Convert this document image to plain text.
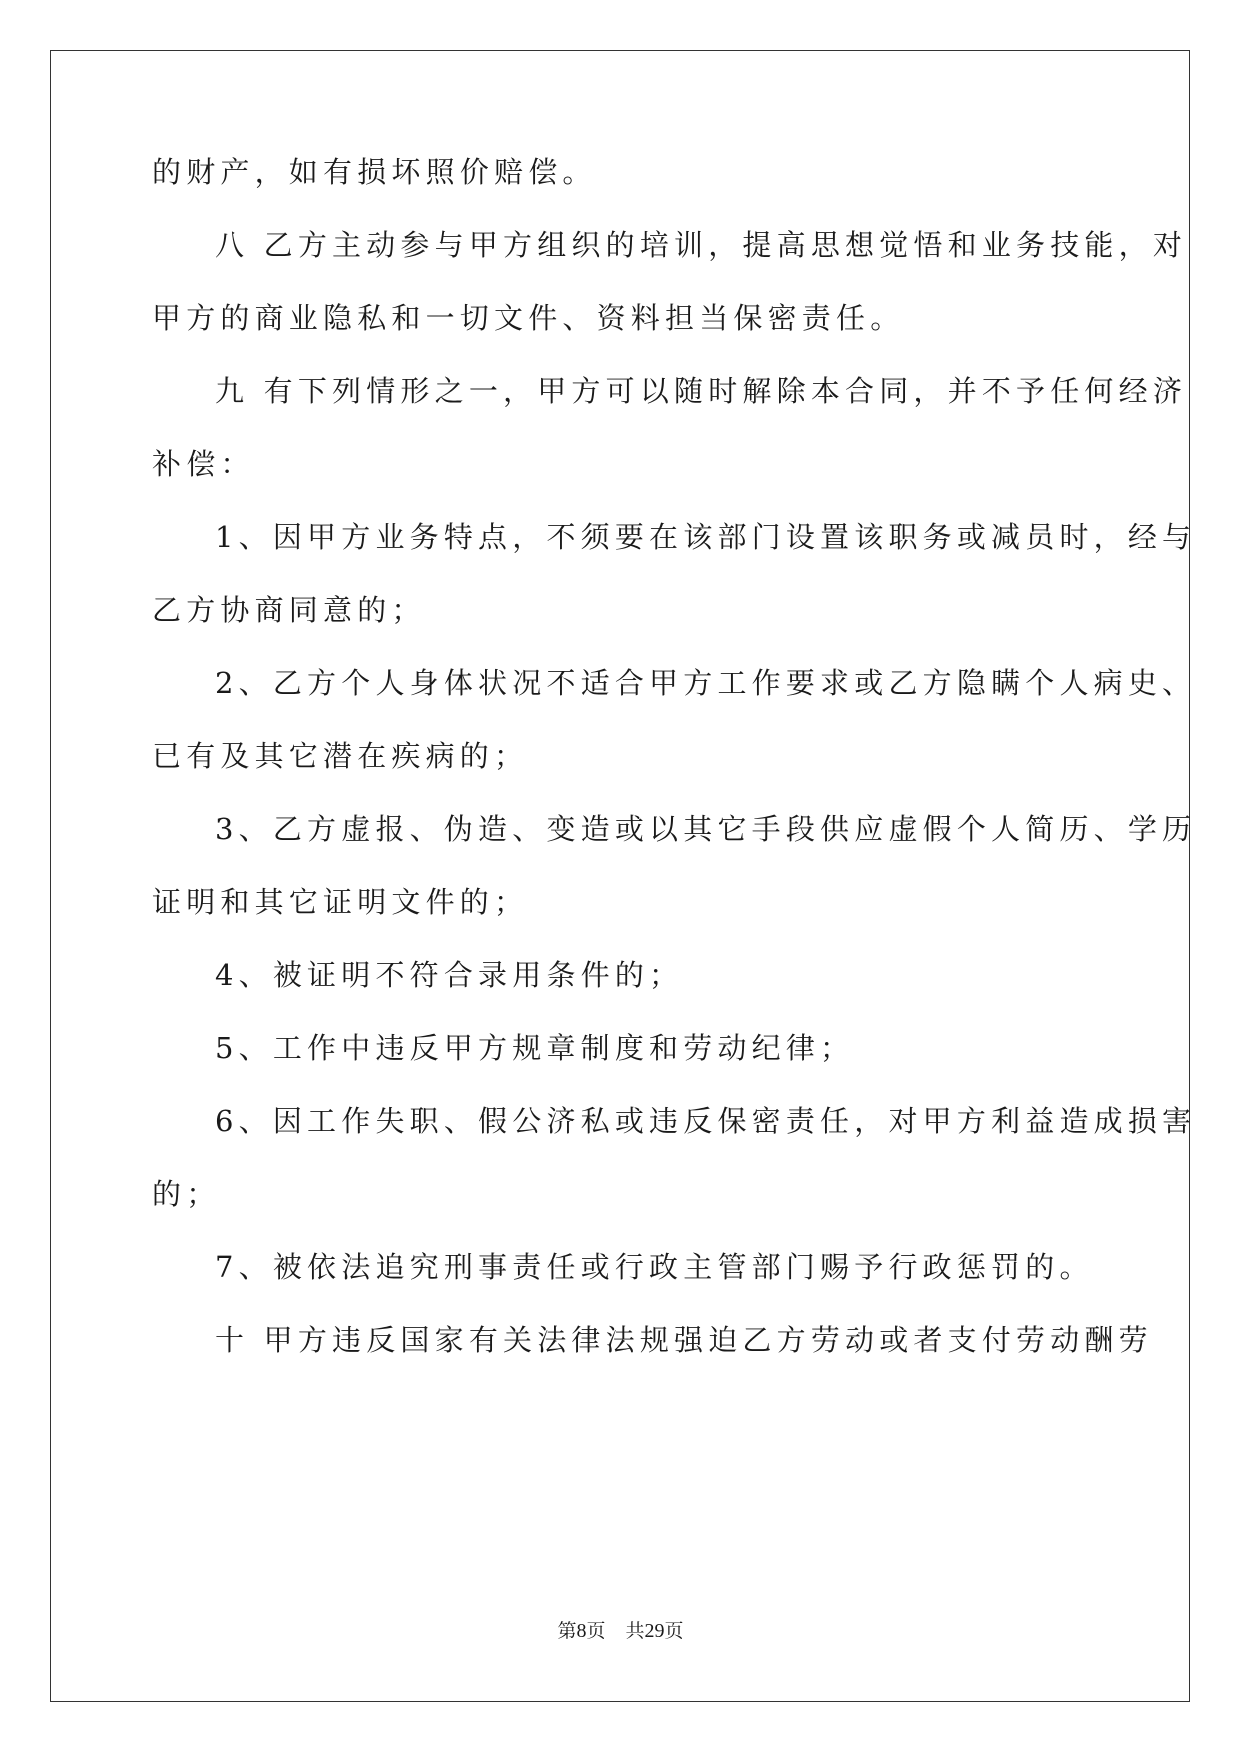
的财产，如有损坏照价赔偿。
八 乙方主动参与甲方组织的培训，提高思想觉悟和业务技能，对
甲方的商业隐私和一切文件、资料担当保密责任。
九 有下列情形之一，甲方可以随时解除本合同，并不予任何经济
补偿：
1、因甲方业务特点，不须要在该部门设置该职务或减员时，经与
乙方协商同意的；
2、乙方个人身体状况不适合甲方工作要求或乙方隐瞒个人病史、
已有及其它潜在疾病的；
3、乙方虚报、伪造、变造或以其它手段供应虚假个人简历、学历
证明和其它证明文件的；
4、被证明不符合录用条件的；
5、工作中违反甲方规章制度和劳动纪律；
6、因工作失职、假公济私或违反保密责任，对甲方利益造成损害
的；
7、被依法追究刑事责任或行政主管部门赐予行政惩罚的。
十 甲方违反国家有关法律法规强迫乙方劳动或者支付劳动酬劳
第8页 共29页
